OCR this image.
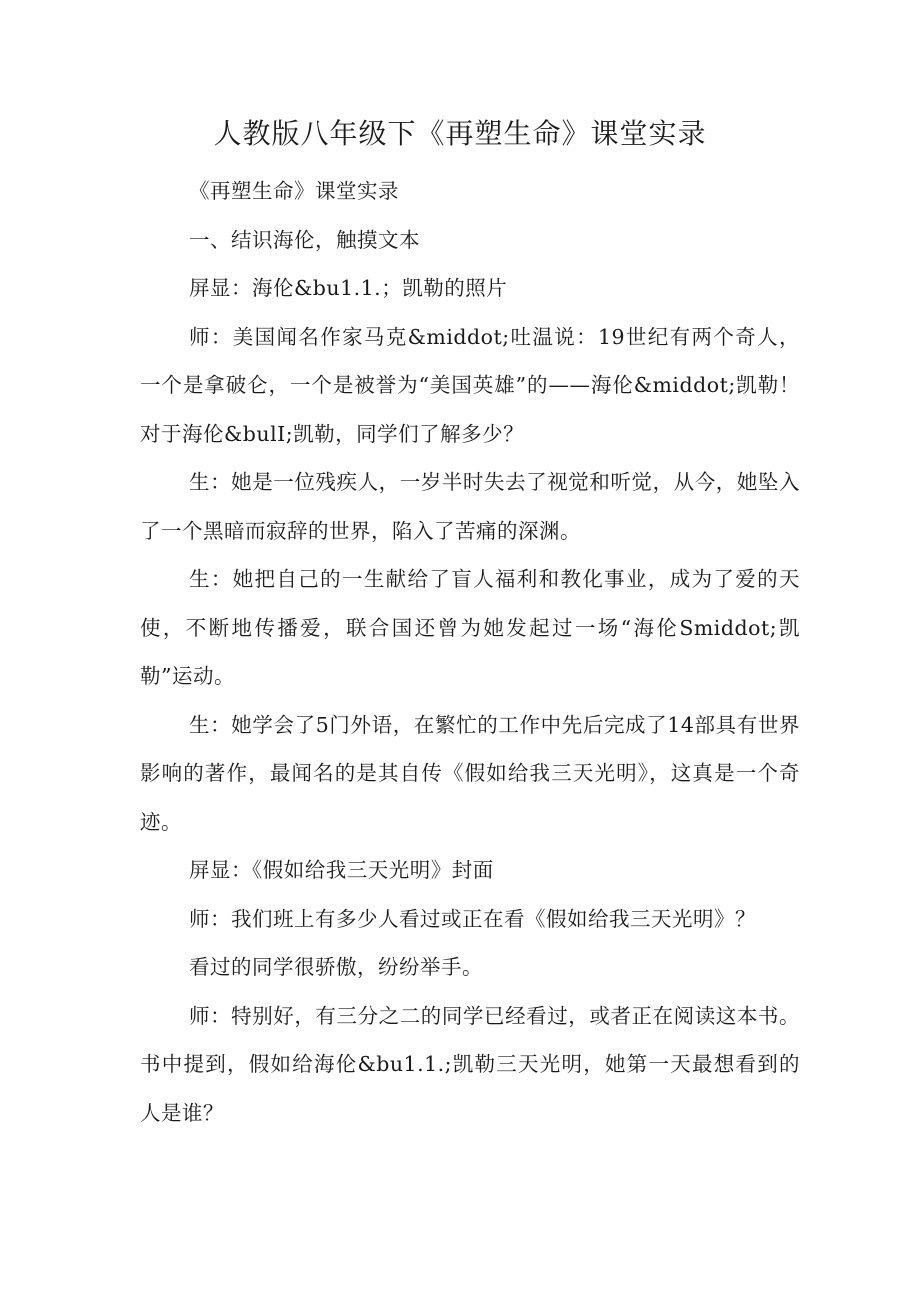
人教版八年级下《再塑生命》课堂实录

《再塑生命》课堂实录

一、结识海伦，触摸文本

屏显：海伦&bu1.1.；凯勒的照片

师：美国闻名作家马克&middot;吐温说：19世纪有两个奇人，一个是拿破仑，一个是被誉为“美国英雄”的——海伦&middot;凯勒！对于海伦&bulI;凯勒，同学们了解多少？

生：她是一位残疾人，一岁半时失去了视觉和听觉，从今，她坠入了一个黑暗而寂辞的世界，陷入了苦痛的深渊。

生：她把自己的一生献给了盲人福利和教化事业，成为了爱的天使，不断地传播爱，联合国还曾为她发起过一场“海伦Smiddot;凯勒”运动。

生：她学会了5门外语，在繁忙的工作中先后完成了14部具有世界影响的著作，最闻名的是其自传《假如给我三天光明》，这真是一个奇迹。

屏显：《假如给我三天光明》封面

师：我们班上有多少人看过或正在看《假如给我三天光明》？

看过的同学很骄傲，纷纷举手。

师：特别好，有三分之二的同学已经看过，或者正在阅读这本书。书中提到，假如给海伦&bu1.1.;凯勒三天光明，她第一天最想看到的人是谁？
